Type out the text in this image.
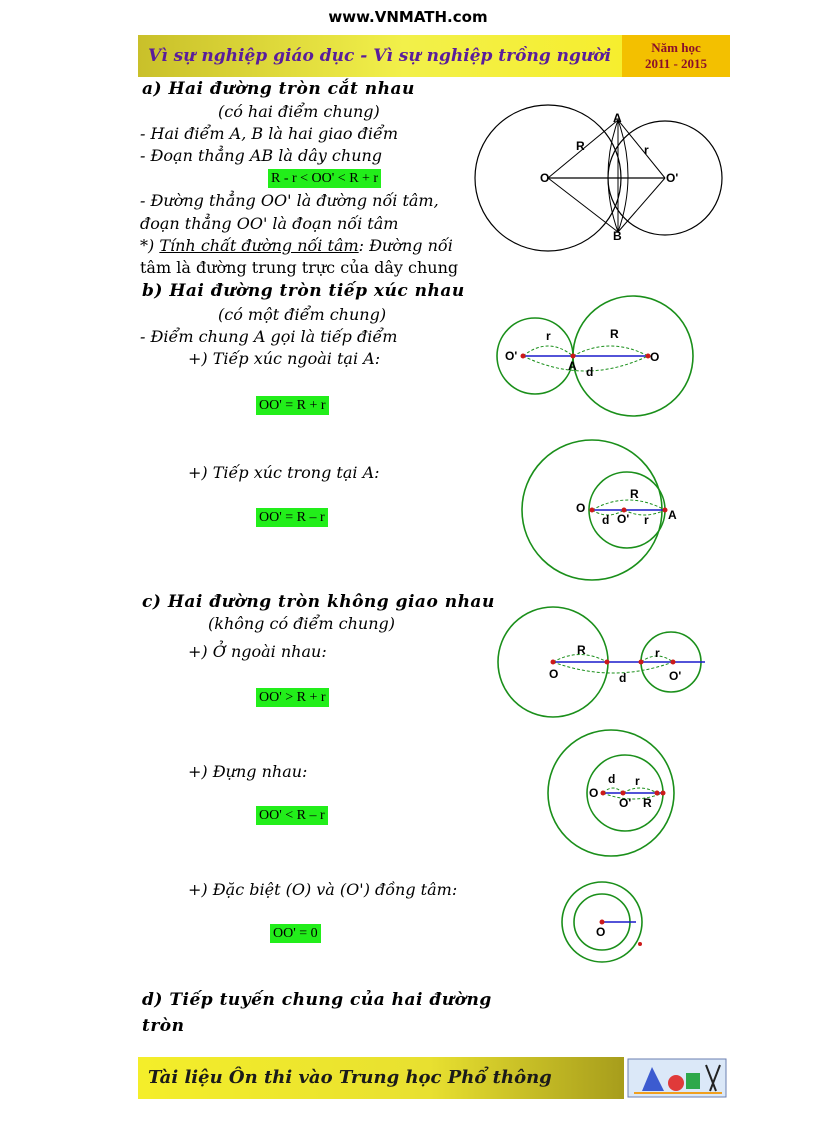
www.VNMATH.com
Vì sự nghiệp giáo dục - Vì sự nghiệp trồng người	Năm học
2011 - 2015
a) Hai đường tròn cắt nhau
(có hai điểm chung)
- Hai điểm A, B là hai giao điểm
- Đoạn thẳng AB là dây chung
R - r < OO' < R + r
- Đường thẳng OO' là đường nối tâm,
đoạn thẳng OO' là đoạn nối tâm
*) Tính chất đường nối tâm: Đường nối
tâm là đường trung trực của dây chung
O	O'
A
B
R	r
b) Hai đường tròn tiếp xúc nhau
(có một điểm chung)
- Điểm chung A gọi là tiếp điểm
+) Tiếp xúc ngoài tại A:
OO' = R + r
+) Tiếp xúc trong tại A:
OO' = R – r
O'	O
A
r	R
d
O
O'	A
d	r
R
c) Hai đường tròn không giao nhau
(không có điểm chung)
+) Ở ngoài nhau:
OO' > R + r
+) Đựng nhau:
OO' < R – r
+) Đặc biệt (O) và (O') đồng tâm:
OO' = 0
O	O'
R	r
d
O
O'
d r
R
O
d) Tiếp tuyến chung của hai đường
tròn
Tài liệu Ôn thi vào Trung học Phổ thông
